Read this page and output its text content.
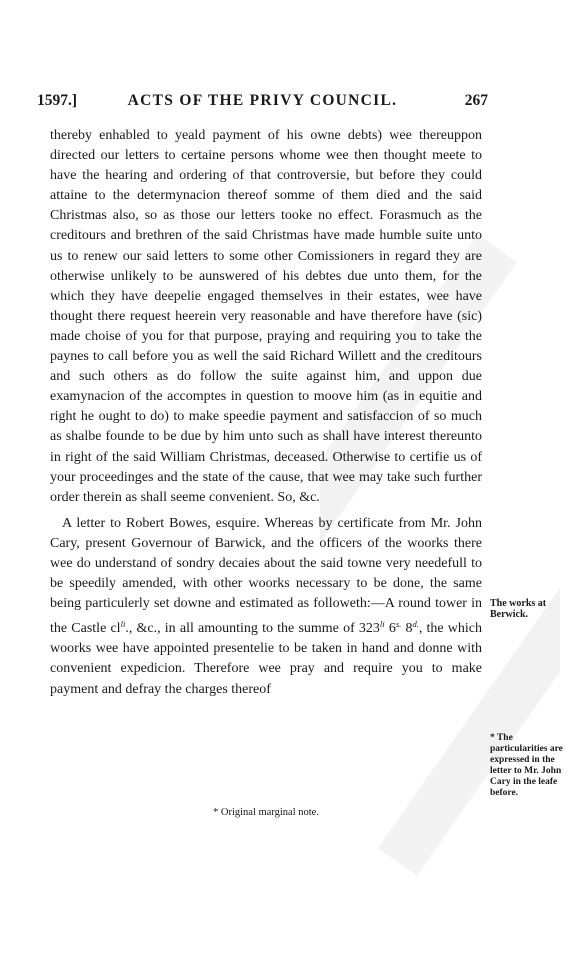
1597.]	ACTS OF THE PRIVY COUNCIL.	267

thereby enhabled to yeald payment of his owne debts) wee thereuppon directed our letters to certaine persons whome wee then thought meete to have the hearing and ordering of that controversie, but before they could attaine to the determynacion thereof somme of them died and the said Christmas also, so as those our letters tooke no effect. Forasmuch as the creditours and brethren of the said Christmas have made humble suite unto us to renew our said letters to some other Comissioners in regard they are otherwise unlikely to be aunswered of his debtes due unto them, for the which they have deepelie engaged themselves in their estates, wee have thought there request heerein very reasonable and have therefore have (sic) made choise of you for that purpose, praying and requiring you to take the paynes to call before you as well the said Richard Willett and the creditours and such others as do follow the suite against him, and uppon due examynacion of the accomptes in question to moove him (as in equitie and right he ought to do) to make speedie payment and satisfaccion of so much as shalbe founde to be due by him unto such as shall have interest thereunto in right of the said William Christmas, deceased. Otherwise to certifie us of your proceedinges and the state of the cause, that wee may take such further order therein as shall seeme convenient. So, &c.

A letter to Robert Bowes, esquire. Whereas by certificate from Mr. John Cary, present Governour of Barwick, and the officers of the woorks there wee do understand of sondry decaies about the said towne very needefull to be speedily amended, with other woorks necessary to be done, the same being particulerly set downe and estimated as followeth:—A round tower in the Castle $cl^{li}$., &c., in all amounting to the summe of $323^{li}$ $6^{s.}$ $8^{d.}$, the which woorks wee have appointed presentelie to be taken in hand and donne with convenient expedicion. Therefore wee pray and require you to make payment and defray the charges thereof

* Original marginal note.
The works at Berwick.
* The particularities are expressed in the letter to Mr. John Cary in the leafe before.
